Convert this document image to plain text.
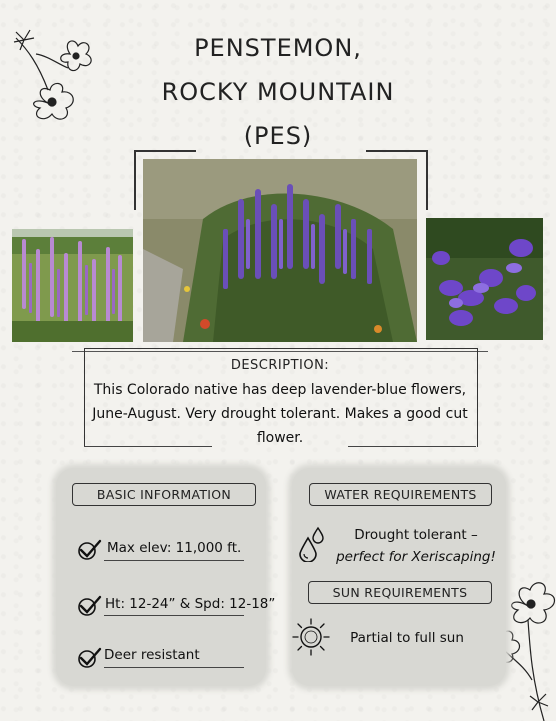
PENSTEMON,
ROCKY MOUNTAIN
(PES)
DESCRIPTION:
This Colorado native has deep lavender-blue flowers, June-August. Very drought tolerant. Makes a good cut flower.
BASIC INFORMATION
Max elev: 11,000 ft.
Ht: 12-24” & Spd: 12-18”
Deer resistant
WATER REQUIREMENTS
Drought tolerant –
perfect for Xeriscaping!
SUN REQUIREMENTS
Partial to full sun
